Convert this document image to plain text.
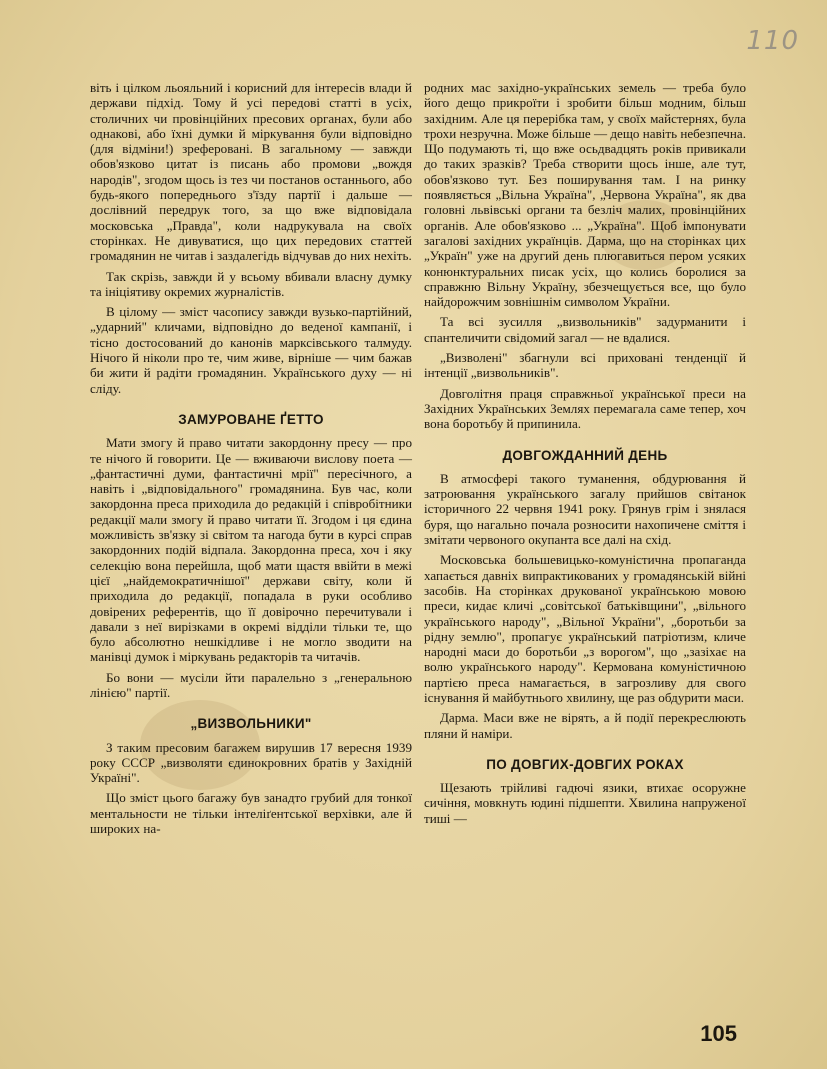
110

віть і цілком льояльний і корисний для інтересів влади й держави підхід. Тому й усі передові статті в усіх, столичних чи провінційних пресових органах, були або однакові, або їхні думки й міркування були відповідно (для відміни!) зреферовані. В загальному — завжди обов'язково цитат із писань або промови „вождя народів", згодом щось із тез чи постанов останнього, або будь-якого попереднього з'їзду партії і дальше — дослівний передрук того, за що вже відповідала московська „Правда", коли надрукувала на своїх сторінках. Не дивуватися, що цих передових статтей громадянин не читав і заздалегідь відчував до них нехіть.

Так скрізь, завжди й у всьому вбивали власну думку та ініціятиву окремих журналістів.

В цілому — зміст часопису завжди вузько-партійний, „ударний" кличами, відповідно до веденої кампанії, і тісно достосований до канонів марксівського талмуду. Нічого й ніколи про те, чим живе, вірніше — чим бажав би жити й радіти громадянин. Українського духу — ні сліду.

ЗАМУРОВАНЕ ҐЕТТО

Мати змогу й право читати закордонну пресу — про те нічого й говорити. Це — вживаючи вислову поета — „фантастичні думи, фантастичні мрії" пересічного, а навіть і „відповідального" громадянина. Був час, коли закордонна преса приходила до редакцій і співробітники редакції мали змогу й право читати її. Згодом і ця єдина можливість зв'язку зі світом та нагода бути в курсі справ закордонних подій відпала. Закордонна преса, хоч і яку селекцію вона перейшла, щоб мати щастя ввійти в межі цієї „найдемократичнішої" держави світу, коли й приходила до редакції, попадала в руки особливо довірених референтів, що її довірочно перечитували і давали з неї вирізками в окремі відділи тільки те, що було абсолютно нешкідливе і не могло зводити на манівці думок і міркувань редакторів та читачів.

Бо вони — мусіли йти паралельно з „генеральною лінією" партії.

„ВИЗВОЛЬНИКИ"

З таким пресовим багажем вирушив 17 вересня 1939 року СССР „визволяти єдинокровних братів у Західній Україні".

Що зміст цього багажу був занадто грубий для тонкої ментальности не тільки інтеліґентської верхівки, але й широких на-

родних мас західно-українських земель — треба було його дещо прикроїти і зробити більш модним, більш західним. Але ця перерібка там, у своїх майстернях, була трохи незручна. Може більше — дещо навіть небезпечна. Що подумають ті, що вже осьдвадцять років привикали до таких зразків? Треба створити щось інше, але тут, обов'язково тут. Без поширування там. І на ринку появляється „Вільна Україна", „Червона Україна", як два головні львівські органи та безліч малих, провінційних органів. Але обов'язково ... „Україна". Щоб імпонувати загалові західних українців. Дарма, що на сторінках цих „Україн" уже на другий день плюгавиться пером усяких конюнктуральних писак усіх, що колись боролися за справжню Вільну Україну, збезчещується все, що було найдорожчим зовнішнім символом України.

Та всі зусилля „визвольників" задурманити і спантеличити свідомий загал — не вдалися.

„Визволені" збагнули всі приховані тенденції й інтенції „визвольників".

Довголітня праця справжньої української преси на Західних Українських Землях перемагала саме тепер, хоч вона боротьбу й припинила.

ДОВГОЖДАННИЙ ДЕНЬ

В атмосфері такого туманення, обдурювання й затроювання українського загалу прийшов світанок історичного 22 червня 1941 року. Грянув грім і знялася буря, що нагально почала розносити нахопичене сміття і змітати червоного окупанта все далі на схід.

Московська большевицько-комуністична пропаганда хапається давніх випрактикованих у громадянській війні засобів. На сторінках друкованої українською мовою преси, кидає кличі „совітської батьківщини", „вільного українського народу", „Вільної України", „боротьби за рідну землю", пропагує український патріотизм, кличе народні маси до боротьби „з ворогом", що „зазіхає на волю українського народу". Кермована комуністичною партією преса намагається, в загрозливу для свого існування й майбутнього хвилину, ще раз обдурити маси.

Дарма. Маси вже не вірять, а й події перекреслюють пляни й наміри.

ПО ДОВГИХ-ДОВГИХ РОКАХ

Щезають трійливі гадючі язики, втихає осоружне сичіння, мовкнуть юдині підшепти. Хвилина напруженої тиші —

105
